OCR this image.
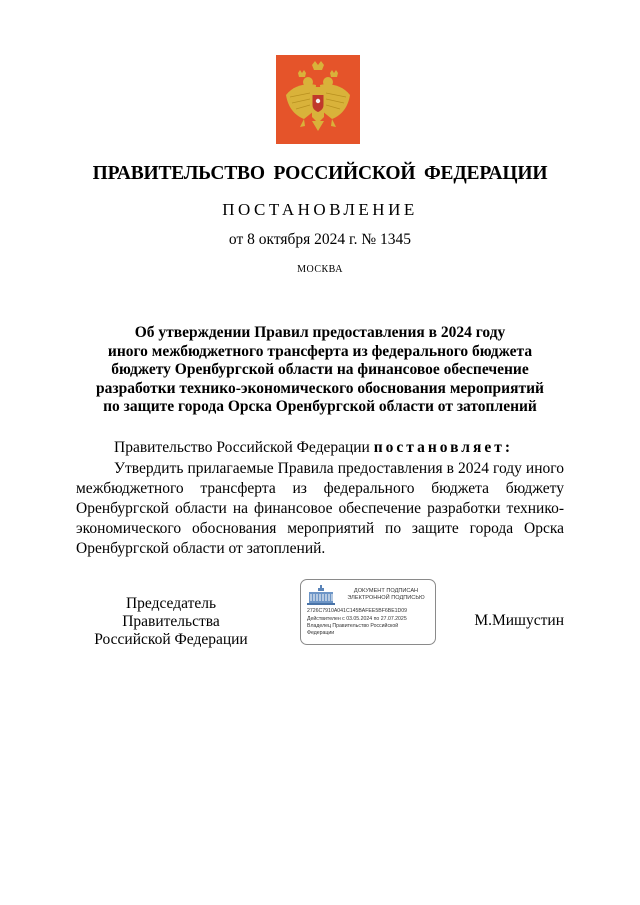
ПРАВИТЕЛЬСТВО РОССИЙСКОЙ ФЕДЕРАЦИИ
ПОСТАНОВЛЕНИЕ
от 8 октября 2024 г. № 1345
МОСКВА
Об утверждении Правил предоставления в 2024 году
иного межбюджетного трансферта из федерального бюджета
бюджету Оренбургской области на финансовое обеспечение
разработки технико-экономического обоснования мероприятий
по защите города Орска Оренбургской области от затоплений
Правительство Российской Федерации постановляет:
Утвердить прилагаемые Правила предоставления в 2024 году иного межбюджетного трансферта из федерального бюджета бюджету Оренбургской области на финансовое обеспечение разработки технико-экономического обоснования мероприятий по защите города Орска Оренбургской области от затоплений.
Председатель Правительства
Российской Федерации
ДОКУМЕНТ ПОДПИСАН
ЭЛЕКТРОННОЙ ПОДПИСЬЮ
2726C7910A041C145BAFEE5BF6BE1D09
Действителен с 03.05.2024 по 27.07.2025
Владелец Правительство Российской
Федерации
М.Мишустин
